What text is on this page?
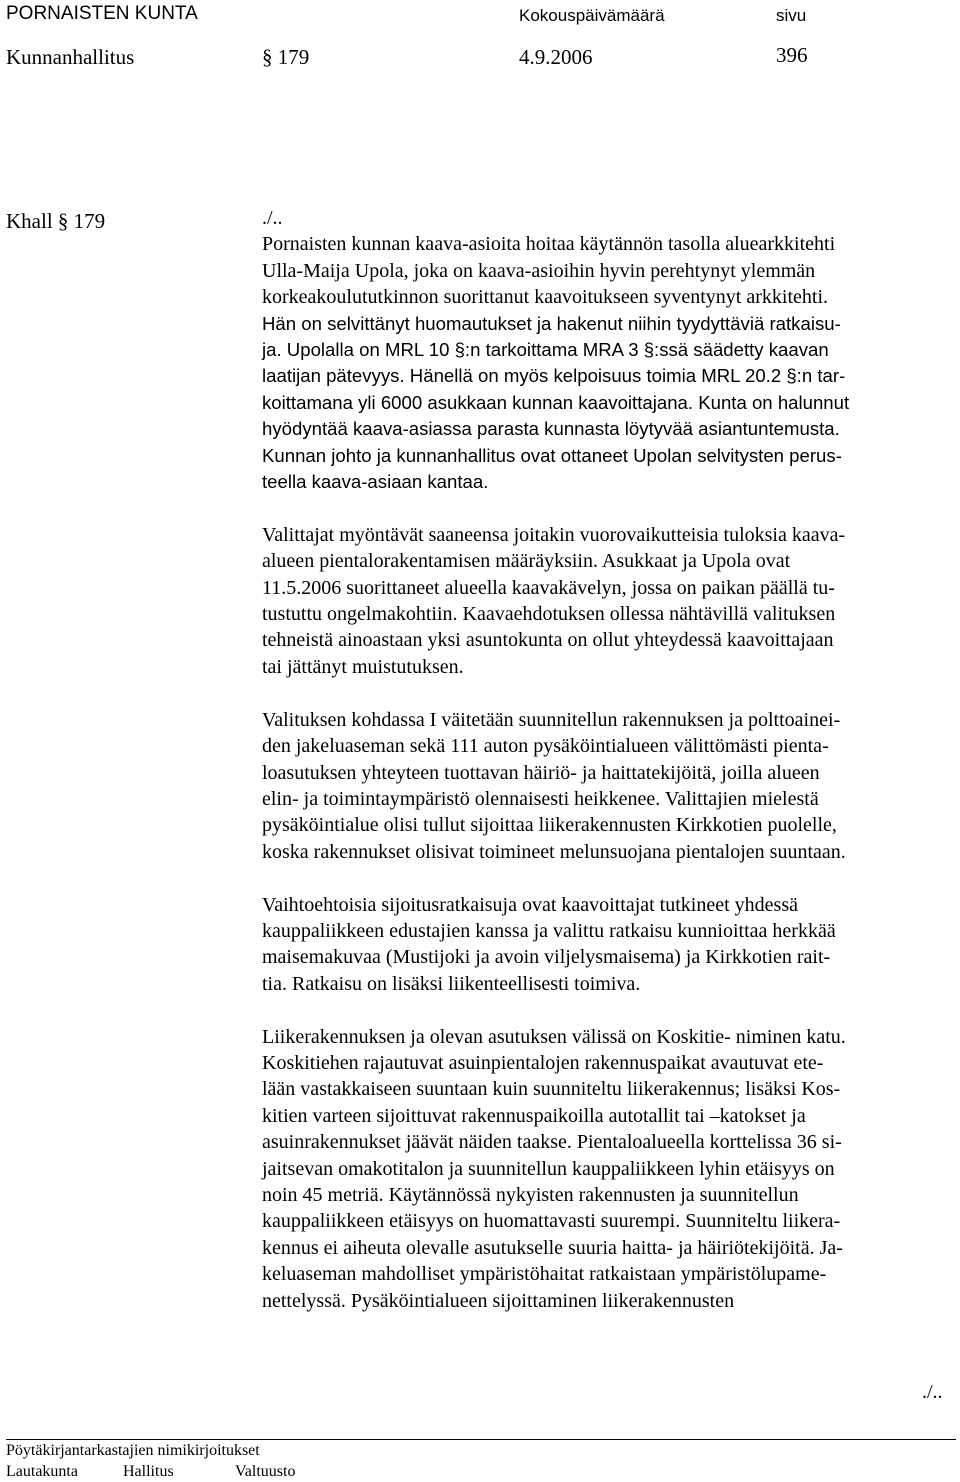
PORNAISTEN KUNTA	Kokouspäivämäärä	sivu
Kunnanhallitus	§ 179	4.9.2006	396
Khall § 179	./..

Pornaisten kunnan kaava-asioita hoitaa käytännön tasolla aluearkkitehti
Ulla-Maija Upola, joka on kaava-asioihin hyvin perehtynyt ylemmän
korkeakoulututkinnon suorittanut kaavoitukseen syventynyt arkkitehti.

Hän on selvittänyt huomautukset ja hakenut niihin tyydyttäviä ratkaisu-
ja. Upolalla on MRL 10 §:n tarkoittama MRA 3 §:ssä säädetty kaavan
laatijan pätevyys. Hänellä on myös kelpoisuus toimia MRL 20.2 §:n tar-
koittamana yli 6000 asukkaan kunnan kaavoittajana. Kunta on halunnut
hyödyntää kaava-asiassa parasta kunnasta löytyvää asiantuntemusta.
Kunnan johto ja kunnanhallitus ovat ottaneet Upolan selvitysten perus-
teella kaava-asiaan kantaa.

Valittajat myöntävät saaneensa joitakin vuorovaikutteisia tuloksia kaava-
alueen pientalorakentamisen määräyksiin. Asukkaat ja Upola ovat
11.5.2006 suorittaneet alueella kaavakävelyn, jossa on paikan päällä tu-
tustuttu ongelmakohtiin. Kaavaehdotuksen ollessa nähtävillä valituksen
tehneistä ainoastaan yksi asuntokunta on ollut yhteydessä kaavoittajaan
tai jättänyt muistutuksen.

Valituksen kohdassa I väitetään suunnitellun rakennuksen ja polttoainei-
den jakeluaseman sekä 111 auton pysäköintialueen välittömästi pienta-
loasutuksen yhteyteen tuottavan häiriö- ja haittatekijöitä, joilla alueen
elin- ja toimintaympäristö olennaisesti heikkenee. Valittajien mielestä
pysäköintialue olisi tullut sijoittaa liikerakennusten Kirkkotien puolelle,
koska rakennukset olisivat toimineet melunsuojana pientalojen suuntaan.

Vaihtoehtoisia sijoitusratkaisuja ovat kaavoittajat tutkineet yhdessä
kauppaliikkeen edustajien kanssa ja valittu ratkaisu kunnioittaa herkkää
maisemakuvaa (Mustijoki ja avoin viljelysmaisema) ja Kirkkotien rait-
tia. Ratkaisu on lisäksi liikenteellisesti toimiva.

Liikerakennuksen ja olevan asutuksen välissä on Koskitie- niminen katu.
Koskitiehen rajautuvat asuinpientalojen rakennuspaikat avautuvat ete-
lään vastakkaiseen suuntaan kuin suunniteltu liikerakennus; lisäksi Kos-
kitien varteen sijoittuvat rakennuspaikoilla autotallit tai –katokset ja
asuinrakennukset jäävät näiden taakse. Pientaloalueella korttelissa 36 si-
jaitsevan omakotitalon ja suunnitellun kauppaliikkeen lyhin etäisyys on
noin 45 metriä. Käytännössä nykyisten rakennusten ja suunnitellun
kauppaliikkeen etäisyys on huomattavasti suurempi. Suunniteltu liikera-
kennus ei aiheuta olevalle asutukselle suuria haitta- ja häiriötekijöitä. Ja-
keluaseman mahdolliset ympäristöhaitat ratkaistaan ympäristölupame-
nettelyssä. Pysäköintialueen sijoittaminen liikerakennusten

./..
Pöytäkirjantarkastajien nimikirjoitukset
Lautakunta	Hallitus	Valtuusto
